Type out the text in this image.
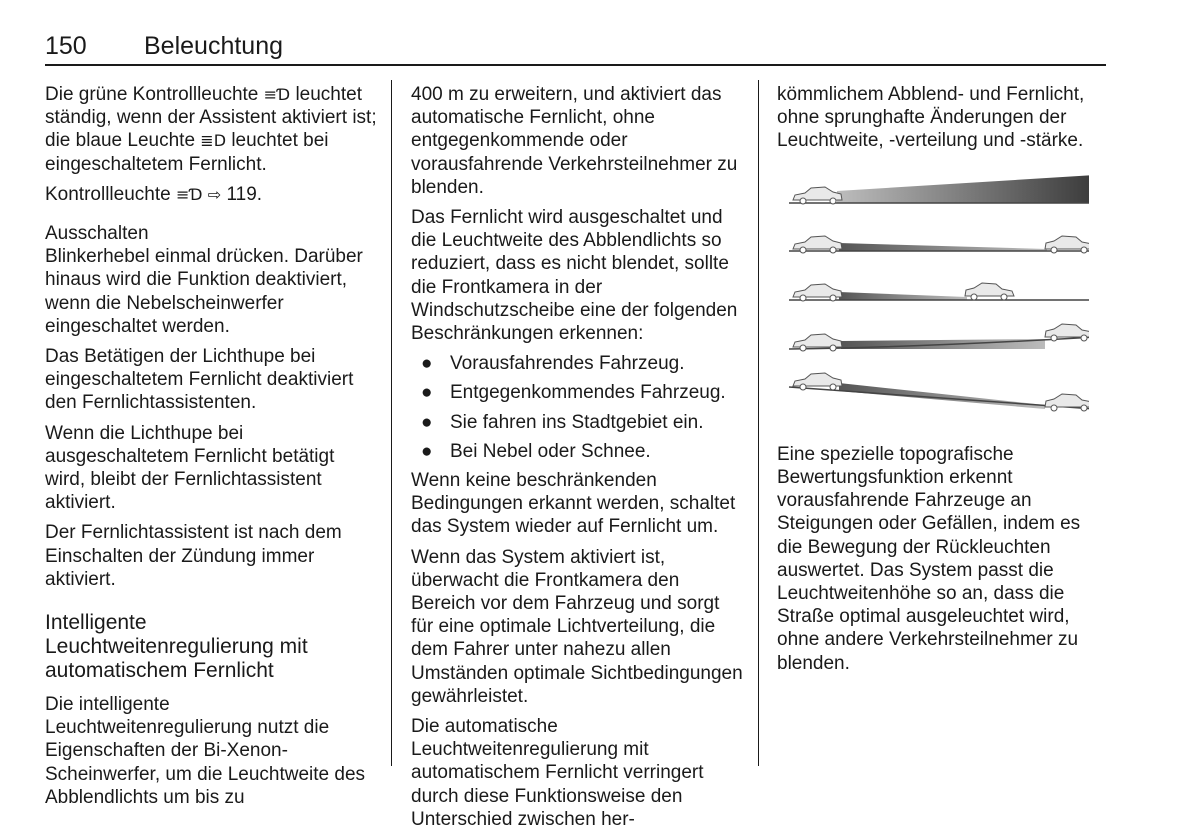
150 Beleuchtung

Die grüne Kontrollleuchte ≡Ɗ leuchtet ständig, wenn der Assistent aktiviert ist; die blaue Leuchte ≣D leuchtet bei eingeschaltetem Fernlicht.

Kontrollleuchte ≡Ɗ ⇨ 119.

Ausschalten

Blinkerhebel einmal drücken. Darüber hinaus wird die Funktion deaktiviert, wenn die Nebelscheinwerfer eingeschaltet werden.

Das Betätigen der Lichthupe bei eingeschaltetem Fernlicht deaktiviert den Fernlichtassistenten.

Wenn die Lichthupe bei ausgeschaltetem Fernlicht betätigt wird, bleibt der Fernlichtassistent aktiviert.

Der Fernlichtassistent ist nach dem Einschalten der Zündung immer aktiviert.

Intelligente Leuchtweitenregulierung mit automatischem Fernlicht

Die intelligente Leuchtweitenregulierung nutzt die Eigenschaften der Bi-Xenon-Scheinwerfer, um die Leuchtweite des Abblendlichts um bis zu

400 m zu erweitern, und aktiviert das automatische Fernlicht, ohne entgegenkommende oder vorausfahrende Verkehrsteilnehmer zu blenden.

Das Fernlicht wird ausgeschaltet und die Leuchtweite des Abblendlichts so reduziert, dass es nicht blendet, sollte die Frontkamera in der Windschutzscheibe eine der folgenden Beschränkungen erkennen:

● Vorausfahrendes Fahrzeug.
● Entgegenkommendes Fahrzeug.
● Sie fahren ins Stadtgebiet ein.
● Bei Nebel oder Schnee.

Wenn keine beschränkenden Bedingungen erkannt werden, schaltet das System wieder auf Fernlicht um.

Wenn das System aktiviert ist, überwacht die Frontkamera den Bereich vor dem Fahrzeug und sorgt für eine optimale Lichtverteilung, die dem Fahrer unter nahezu allen Umständen optimale Sichtbedingungen gewährleistet.

Die automatische Leuchtweitenregulierung mit automatischem Fernlicht verringert durch diese Funktionsweise den Unterschied zwischen her-

kömmlichem Abblend- und Fernlicht, ohne sprunghafte Änderungen der Leuchtweite, -verteilung und -stärke.

Eine spezielle topografische Bewertungsfunktion erkennt vorausfahrende Fahrzeuge an Steigungen oder Gefällen, indem es die Bewegung der Rückleuchten auswertet. Das System passt die Leuchtweitenhöhe so an, dass die Straße optimal ausgeleuchtet wird, ohne andere Verkehrsteilnehmer zu blenden.
